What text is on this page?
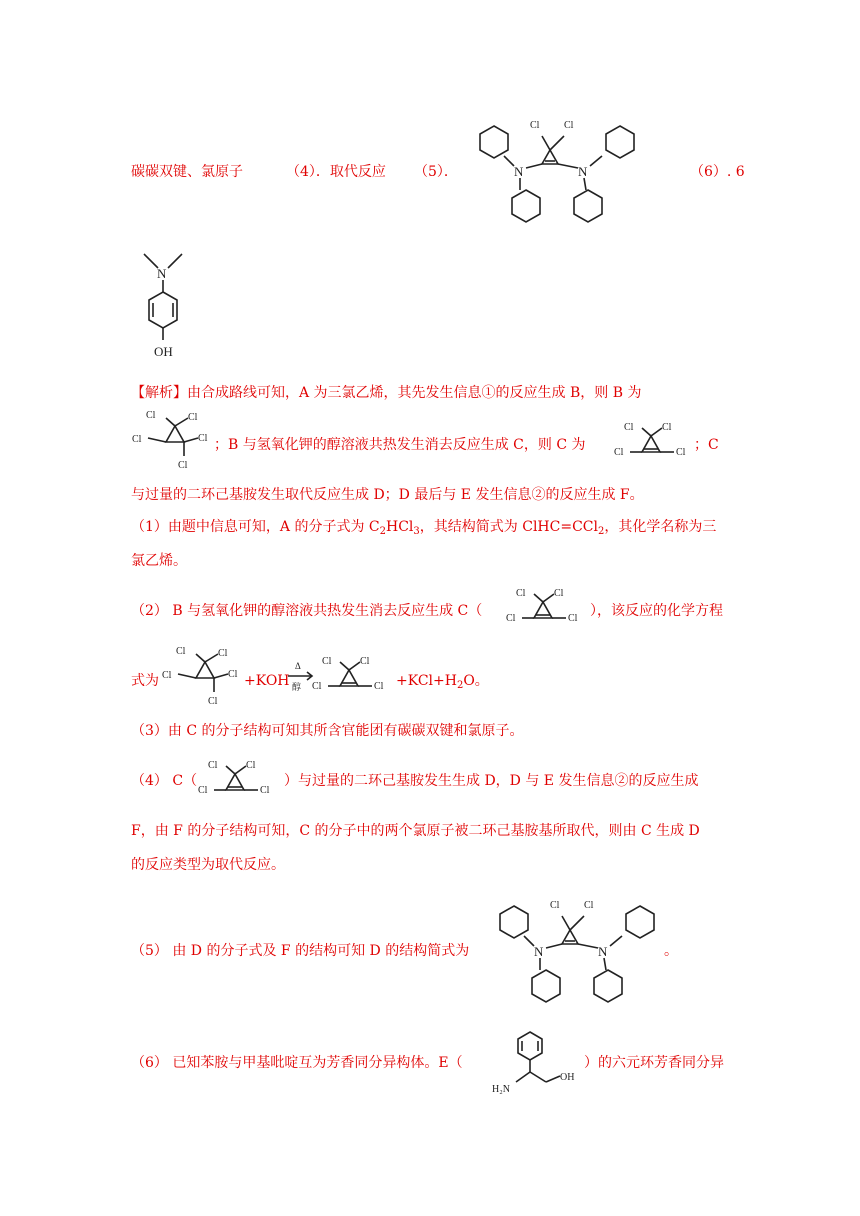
碳碳双键、氯原子	（4）．取代反应 （5）．	（6）. 6
Cl Cl
N	N
N
OH
【解析】由合成路线可知，A 为三氯乙烯，其先发生信息①的反应生成 B，则 B 为
Cl	Cl
Cl	Cl
Cl
；B 与氢氧化钾的醇溶液共热发生消去反应生成 C，则 C 为
Cl	Cl
Cl	Cl ；C
与过量的二环己基胺发生取代反应生成 D；D 最后与 E 发生信息②的反应生成 F。
（1）由题中信息可知，A 的分子式为 $C_2HCl_3$，其结构简式为 ClHC=CCl$_2$，其化学名称为三
氯乙烯。
（2） B 与氢氧化钾的醇溶液共热发生消去反应生成 C（
Cl	Cl
Cl	Cl ），该反应的化学方程
式为
Cl	Cl
Cl	Cl
Cl
+KOH
Δ
醇
Cl	Cl
Cl	$Cl +KCl+H_2O$。
（3）由 C 的分子结构可知其所含官能团有碳碳双键和氯原子。
（4） C（
Cl	Cl
Cl	Cl
）与过量的二环己基胺发生生成 D，D 与 E 发生信息②的反应生成
F，由 F 的分子结构可知，C 的分子中的两个氯原子被二环己基胺基所取代，则由 C 生成 D
的反应类型为取代反应。
（5） 由 D 的分子式及 F 的结构可知 D 的结构简式为
Cl Cl
N	N	。
（6） 已知苯胺与甲基吡啶互为芳香同分异构体。E（
H₂N
OH
）的六元环芳香同分异
